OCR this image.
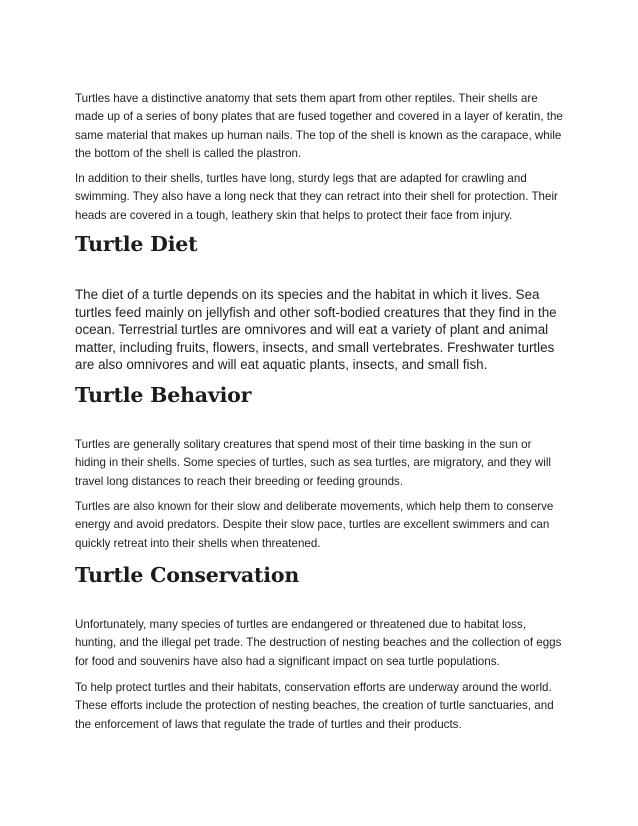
Turtles have a distinctive anatomy that sets them apart from other reptiles. Their shells are made up of a series of bony plates that are fused together and covered in a layer of keratin, the same material that makes up human nails. The top of the shell is known as the carapace, while the bottom of the shell is called the plastron.

In addition to their shells, turtles have long, sturdy legs that are adapted for crawling and swimming. They also have a long neck that they can retract into their shell for protection. Their heads are covered in a tough, leathery skin that helps to protect their face from injury.

Turtle Diet

The diet of a turtle depends on its species and the habitat in which it lives. Sea turtles feed mainly on jellyfish and other soft-bodied creatures that they find in the ocean. Terrestrial turtles are omnivores and will eat a variety of plant and animal matter, including fruits, flowers, insects, and small vertebrates. Freshwater turtles are also omnivores and will eat aquatic plants, insects, and small fish.

Turtle Behavior

Turtles are generally solitary creatures that spend most of their time basking in the sun or hiding in their shells. Some species of turtles, such as sea turtles, are migratory, and they will travel long distances to reach their breeding or feeding grounds.

Turtles are also known for their slow and deliberate movements, which help them to conserve energy and avoid predators. Despite their slow pace, turtles are excellent swimmers and can quickly retreat into their shells when threatened.

Turtle Conservation

Unfortunately, many species of turtles are endangered or threatened due to habitat loss, hunting, and the illegal pet trade. The destruction of nesting beaches and the collection of eggs for food and souvenirs have also had a significant impact on sea turtle populations.

To help protect turtles and their habitats, conservation efforts are underway around the world. These efforts include the protection of nesting beaches, the creation of turtle sanctuaries, and the enforcement of laws that regulate the trade of turtles and their products.
